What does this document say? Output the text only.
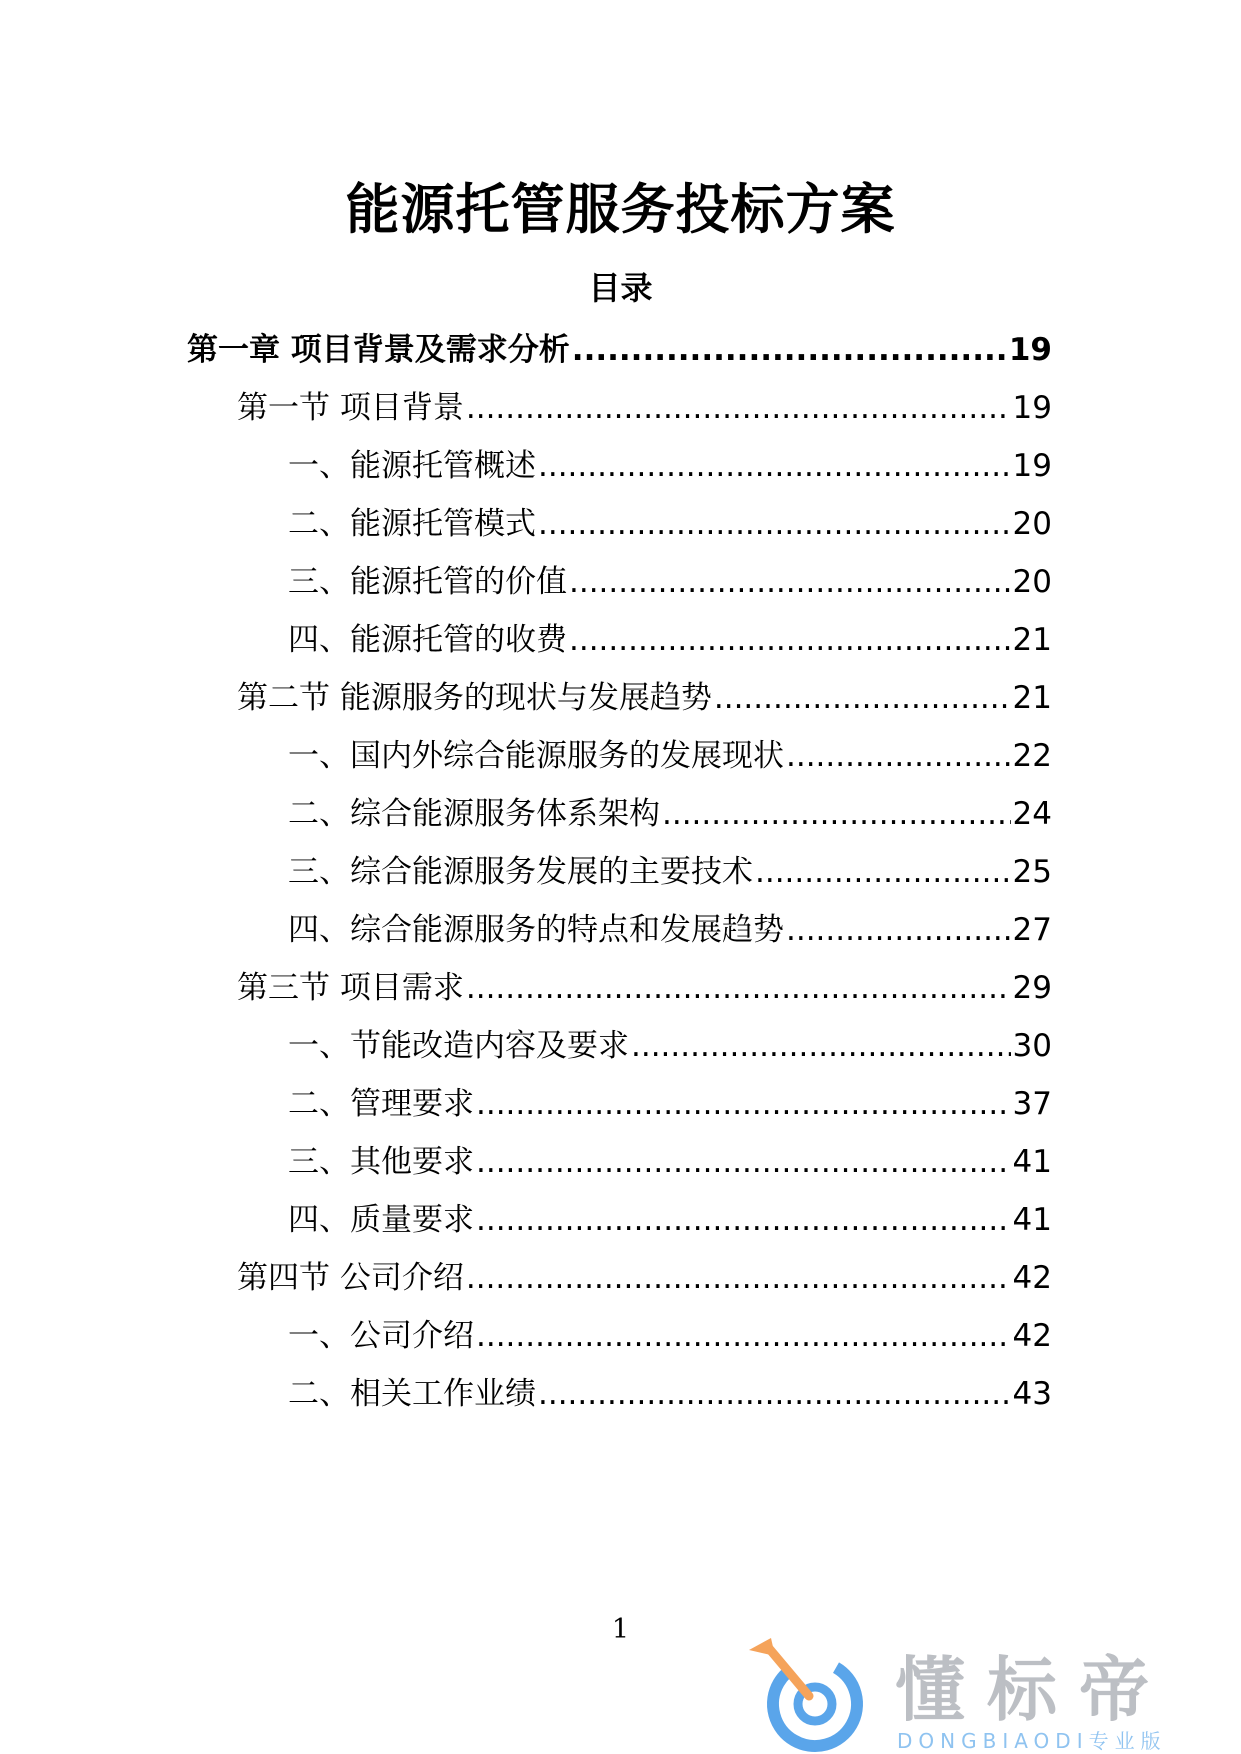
能源托管服务投标方案
目录
第一章 项目背景及需求分析 .....	19
第一节 项目背景 .....	19
一、能源托管概述 .....	19
二、能源托管模式 .....	20
三、能源托管的价值 .....	20
四、能源托管的收费 .....	21
第二节 能源服务的现状与发展趋势 .....	21
一、国内外综合能源服务的发展现状 .....	22
二、综合能源服务体系架构 .....	24
三、综合能源服务发展的主要技术 .....	25
四、综合能源服务的特点和发展趋势 .....	27
第三节 项目需求 .....	29
一、节能改造内容及要求 .....	30
二、管理要求 .....	37
三、其他要求 .....	41
四、质量要求 .....	41
第四节 公司介绍 .....	42
一、公司介绍 .....	42
二、相关工作业绩 .....	43
1
懂标帝
DONGBIAODI专业版
